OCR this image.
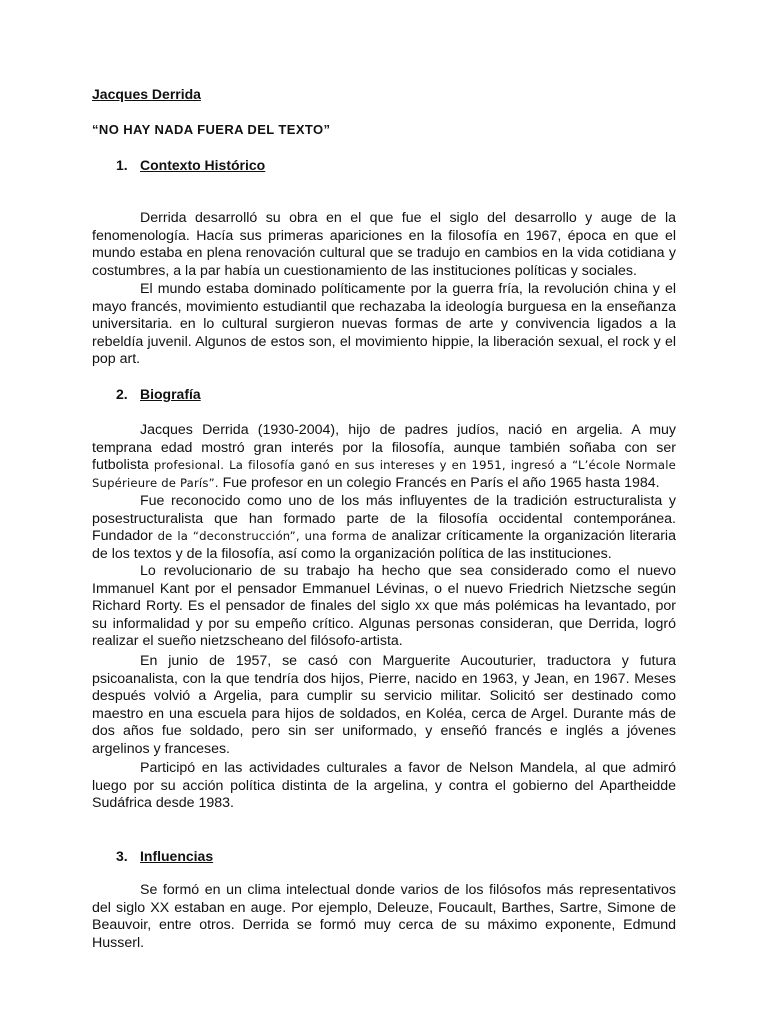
Jacques Derrida
“NO HAY NADA FUERA DEL TEXTO”
1. Contexto Histórico

Derrida desarrolló su obra en el que fue el siglo del desarrollo y auge de la fenomenología. Hacía sus primeras apariciones en la filosofía en 1967, época en que el mundo estaba en plena renovación cultural que se tradujo en cambios en la vida cotidiana y costumbres, a la par había un cuestionamiento de las instituciones políticas y sociales.

El mundo estaba dominado políticamente por la guerra fría, la revolución china y el mayo francés, movimiento estudiantil que rechazaba la ideología burguesa en la enseñanza universitaria. en lo cultural surgieron nuevas formas de arte y convivencia ligados a la rebeldía juvenil. Algunos de estos son, el movimiento hippie, la liberación sexual, el rock y el pop art.

2. Biografía

Jacques Derrida (1930-2004), hijo de padres judíos, nació en argelia. A muy temprana edad mostró gran interés por la filosofía, aunque también soñaba con ser futbolista profesional. La filosofía ganó en sus intereses y en 1951, ingresó a “L’école Normale Supérieure de París”. Fue profesor en un colegio Francés en París el año 1965 hasta 1984.

Fue reconocido como uno de los más influyentes de la tradición estructuralista y posestructuralista que han formado parte de la filosofía occidental contemporánea. Fundador de la “deconstrucción”, una forma de analizar críticamente la organización literaria de los textos y de la filosofía, así como la organización política de las instituciones.

Lo revolucionario de su trabajo ha hecho que sea considerado como el nuevo Immanuel Kant por el pensador Emmanuel Lévinas, o el nuevo Friedrich Nietzsche según Richard Rorty. Es el pensador de finales del siglo xx que más polémicas ha levantado, por su informalidad y por su empeño crítico. Algunas personas consideran, que Derrida, logró realizar el sueño nietzscheano del filósofo-artista.

En junio de 1957, se casó con Marguerite Aucouturier, traductora y futura psicoanalista, con la que tendría dos hijos, Pierre, nacido en 1963, y Jean, en 1967. Meses después volvió a Argelia, para cumplir su servicio militar. Solicitó ser destinado como maestro en una escuela para hijos de soldados, en Koléa, cerca de Argel. Durante más de dos años fue soldado, pero sin ser uniformado, y enseñó francés e inglés a jóvenes argelinos y franceses.

Participó en las actividades culturales a favor de Nelson Mandela, al que admiró luego por su acción política distinta de la argelina, y contra el gobierno del Apartheidde Sudáfrica desde 1983.

3. Influencias

Se formó en un clima intelectual donde varios de los filósofos más representativos del siglo XX estaban en auge. Por ejemplo, Deleuze, Foucault, Barthes, Sartre, Simone de Beauvoir, entre otros. Derrida se formó muy cerca de su máximo exponente, Edmund Husserl.
